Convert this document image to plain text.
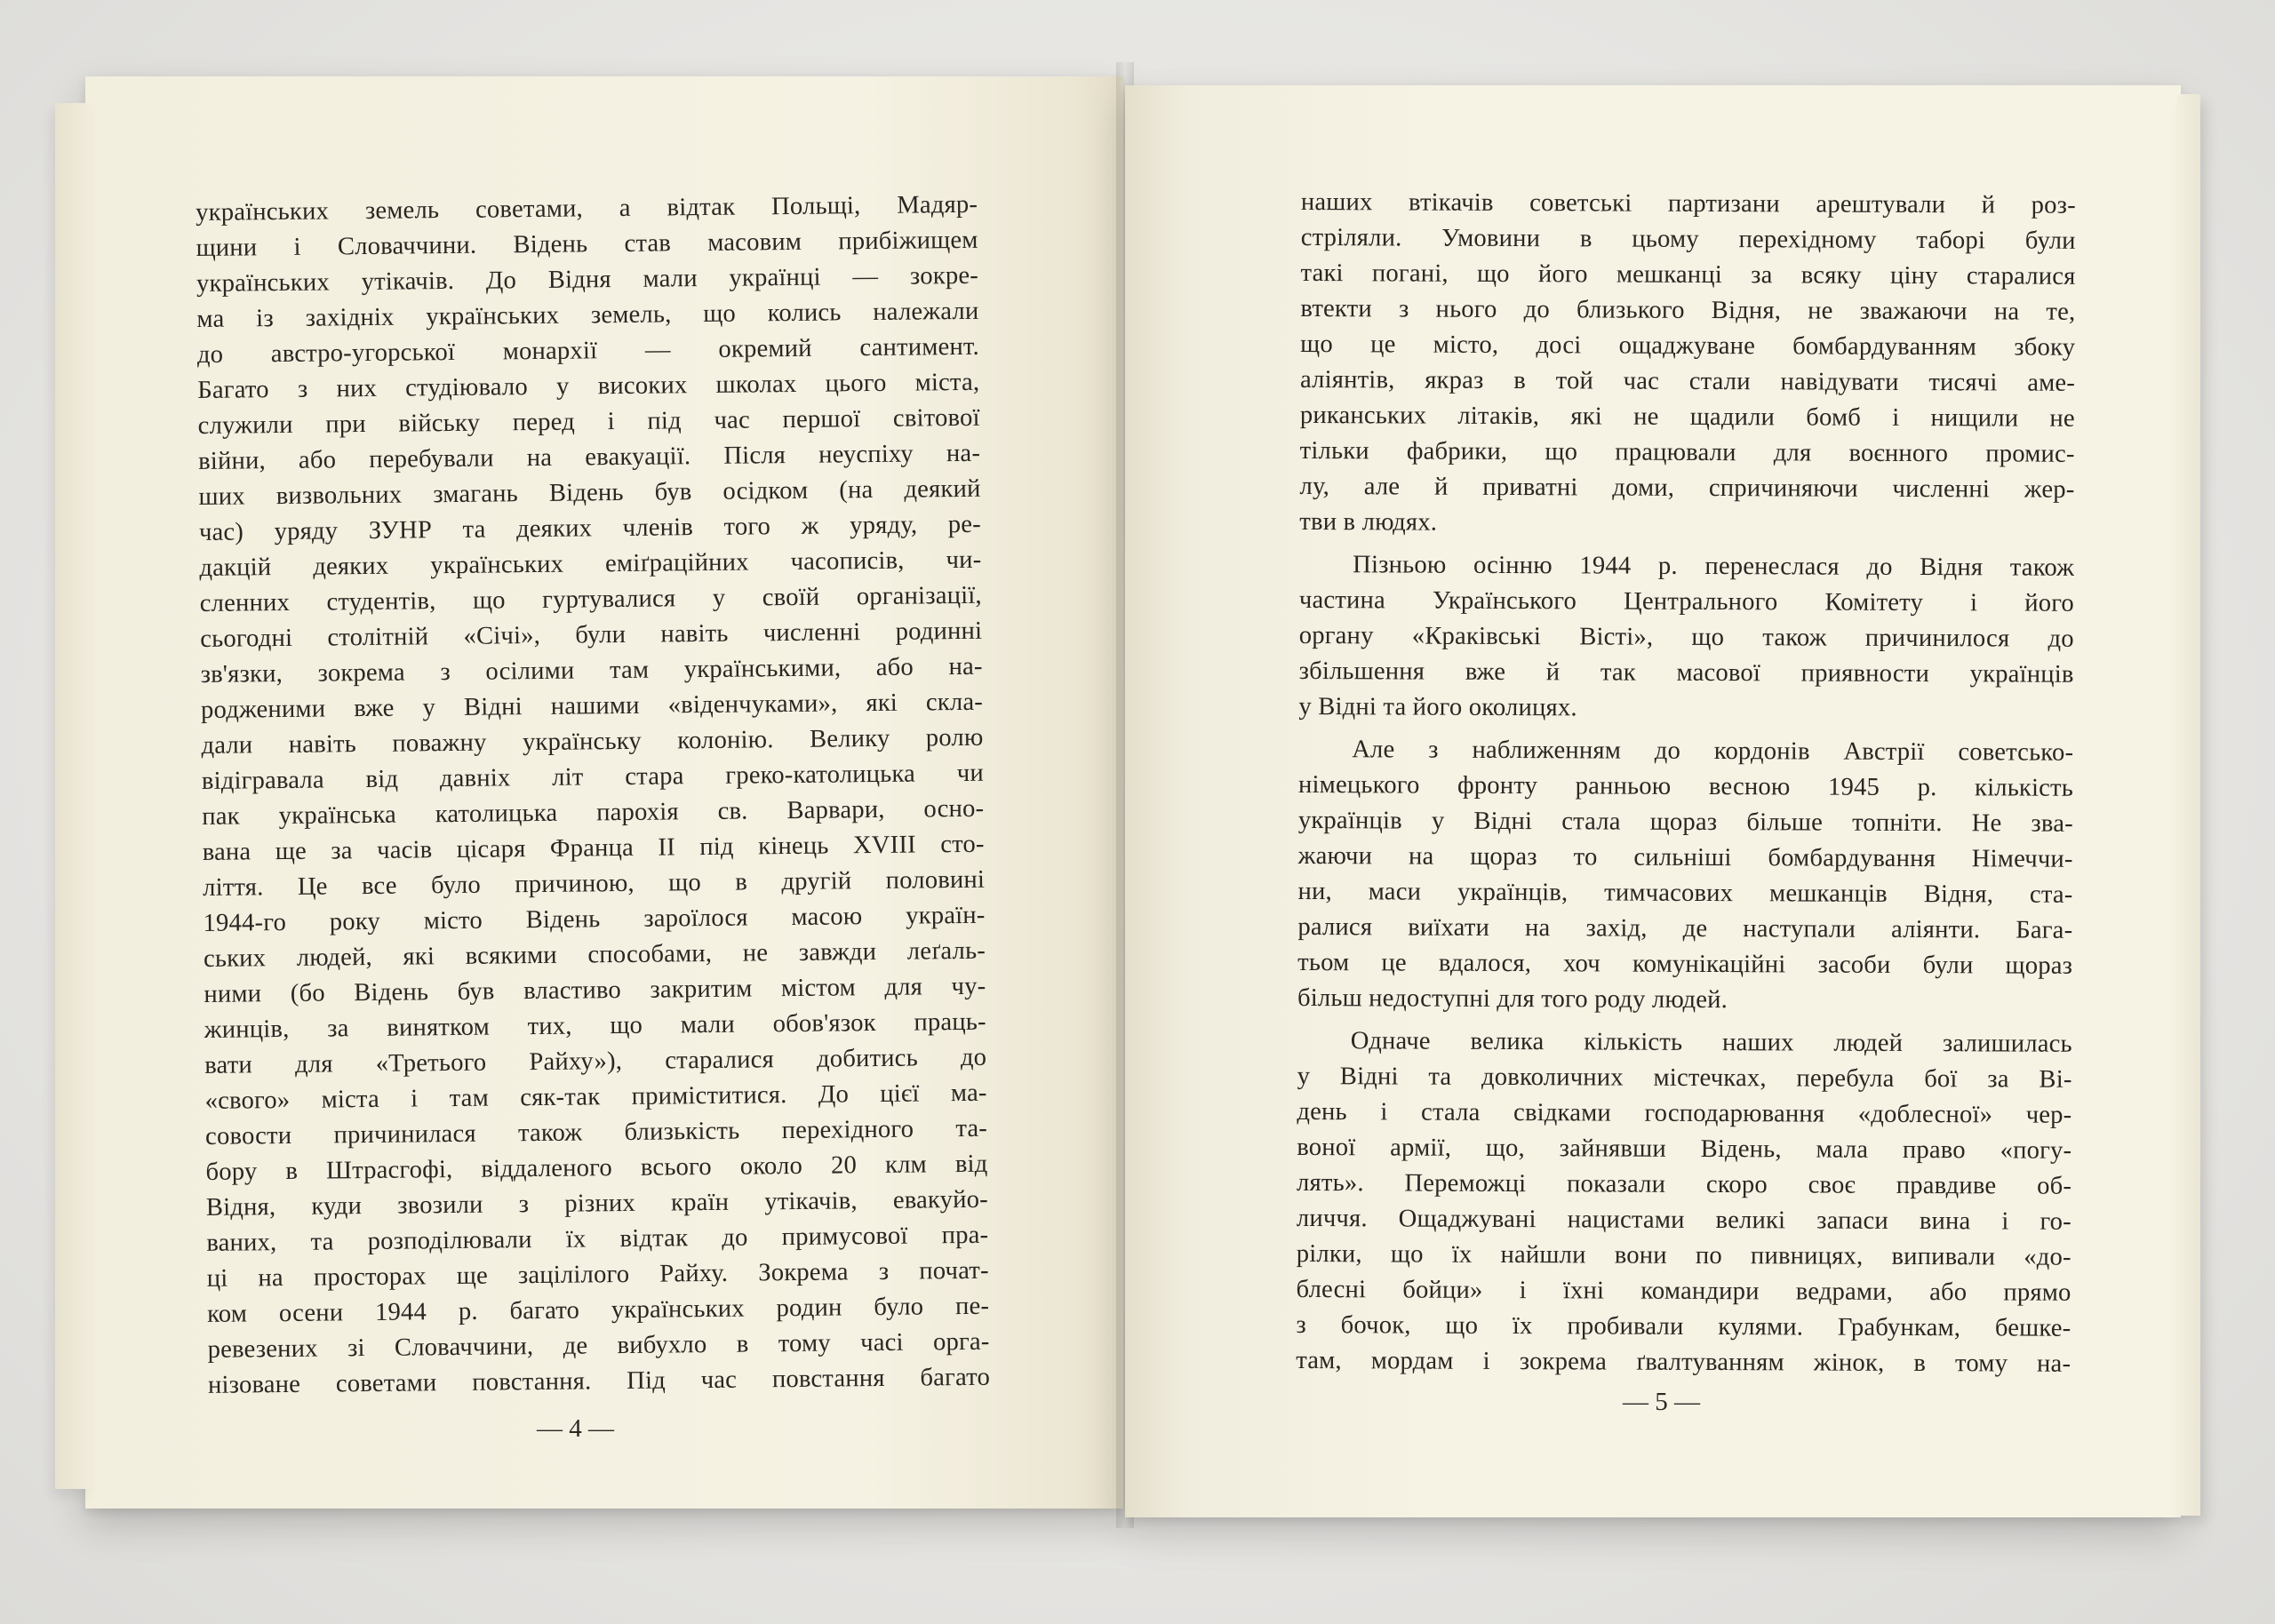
українських земель советами, а відтак Польщі, Мадяр-
щини і Словаччини. Відень став масовим прибіжищем
українських утікачів. До Відня мали українці — зокре-
ма із західніх українських земель, що колись належали
до австро-угорської монархії — окремий сантимент.
Багато з них студіювало у високих школах цього міста,
служили при війську перед і під час першої світової
війни, або перебували на евакуації. Після неуспіху на-
ших визвольних змагань Відень був осідком (на деякий
час) уряду ЗУНР та деяких членів того ж уряду, ре-
дакцій деяких українських еміґраційних часописів, чи-
сленних студентів, що гуртувалися у своїй організації,
сьогодні столітній «Січі», були навіть численні родинні
зв'язки, зокрема з осілими там українськими, або на-
родженими вже у Відні нашими «віденчуками», які скла-
дали навіть поважну українську колонію. Велику ролю
відігравала від давніх літ стара греко-католицька чи
пак українська католицька парохія св. Варвари, осно-
вана ще за часів цісаря Франца II під кінець XVIII сто-
ліття. Це все було причиною, що в другій половині
1944-го року місто Відень зароїлося масою україн-
ських людей, які всякими способами, не завжди леґаль-
ними (бо Відень був властиво закритим містом для чу-
жинців, за винятком тих, що мали обов'язок праць-
вати для «Третього Райху»), старалися добитись до
«свого» міста і там сяк-так приміститися. До цієї ма-
совости причинилася також близькість перехідного та-
бору в Штрасгофі, віддаленого всього около 20 клм від
Відня, куди звозили з різних країн утікачів, евакуйо-
ваних, та розподілювали їх відтак до примусової пра-
ці на просторах ще зацілілого Райху. Зокрема з почат-
ком осени 1944 р. багато українських родин було пе-
ревезених зі Словаччини, де вибухло в тому часі орга-
нізоване советами повстання. Під час повстання багато
— 4 —
наших втікачів советські партизани арештували й роз-
стріляли. Умовини в цьому перехідному таборі були
такі погані, що його мешканці за всяку ціну старалися
втекти з нього до близького Відня, не зважаючи на те,
що це місто, досі ощаджуване бомбардуванням збоку
аліянтів, якраз в той час стали навідувати тисячі аме-
риканських літаків, які не щадили бомб і нищили не
тільки фабрики, що працювали для воєнного промис-
лу, але й приватні доми, спричиняючи численні жер-
тви в людях.
Пізньою осінню 1944 р. перенеслася до Відня також
частина Українського Центрального Комітету і його
органу «Краківські Вісті», що також причинилося до
збільшення вже й так масової приявности українців
у Відні та його околицях.
Але з наближенням до кордонів Австрії советсько-
німецького фронту ранньою весною 1945 р. кількість
українців у Відні стала щораз більше топніти. Не зва-
жаючи на щораз то сильніші бомбардування Німеччи-
ни, маси українців, тимчасових мешканців Відня, ста-
ралися виїхати на захід, де наступали аліянти. Бага-
тьом це вдалося, хоч комунікаційні засоби були щораз
більш недоступні для того роду людей.
Одначе велика кількість наших людей залишилась
у Відні та довколичних містечках, перебула бої за Ві-
день і стала свідками господарювання «доблесної» чер-
воної армії, що, зайнявши Відень, мала право «погу-
лять». Переможці показали скоро своє правдиве об-
личчя. Ощаджувані нацистами великі запаси вина і го-
рілки, що їх найшли вони по пивницях, випивали «до-
блесні бойци» і їхні командири ведрами, або прямо
з бочок, що їх пробивали кулями. Грабункам, бешке-
там, мордам і зокрема ґвалтуванням жінок, в тому на-
— 5 —
